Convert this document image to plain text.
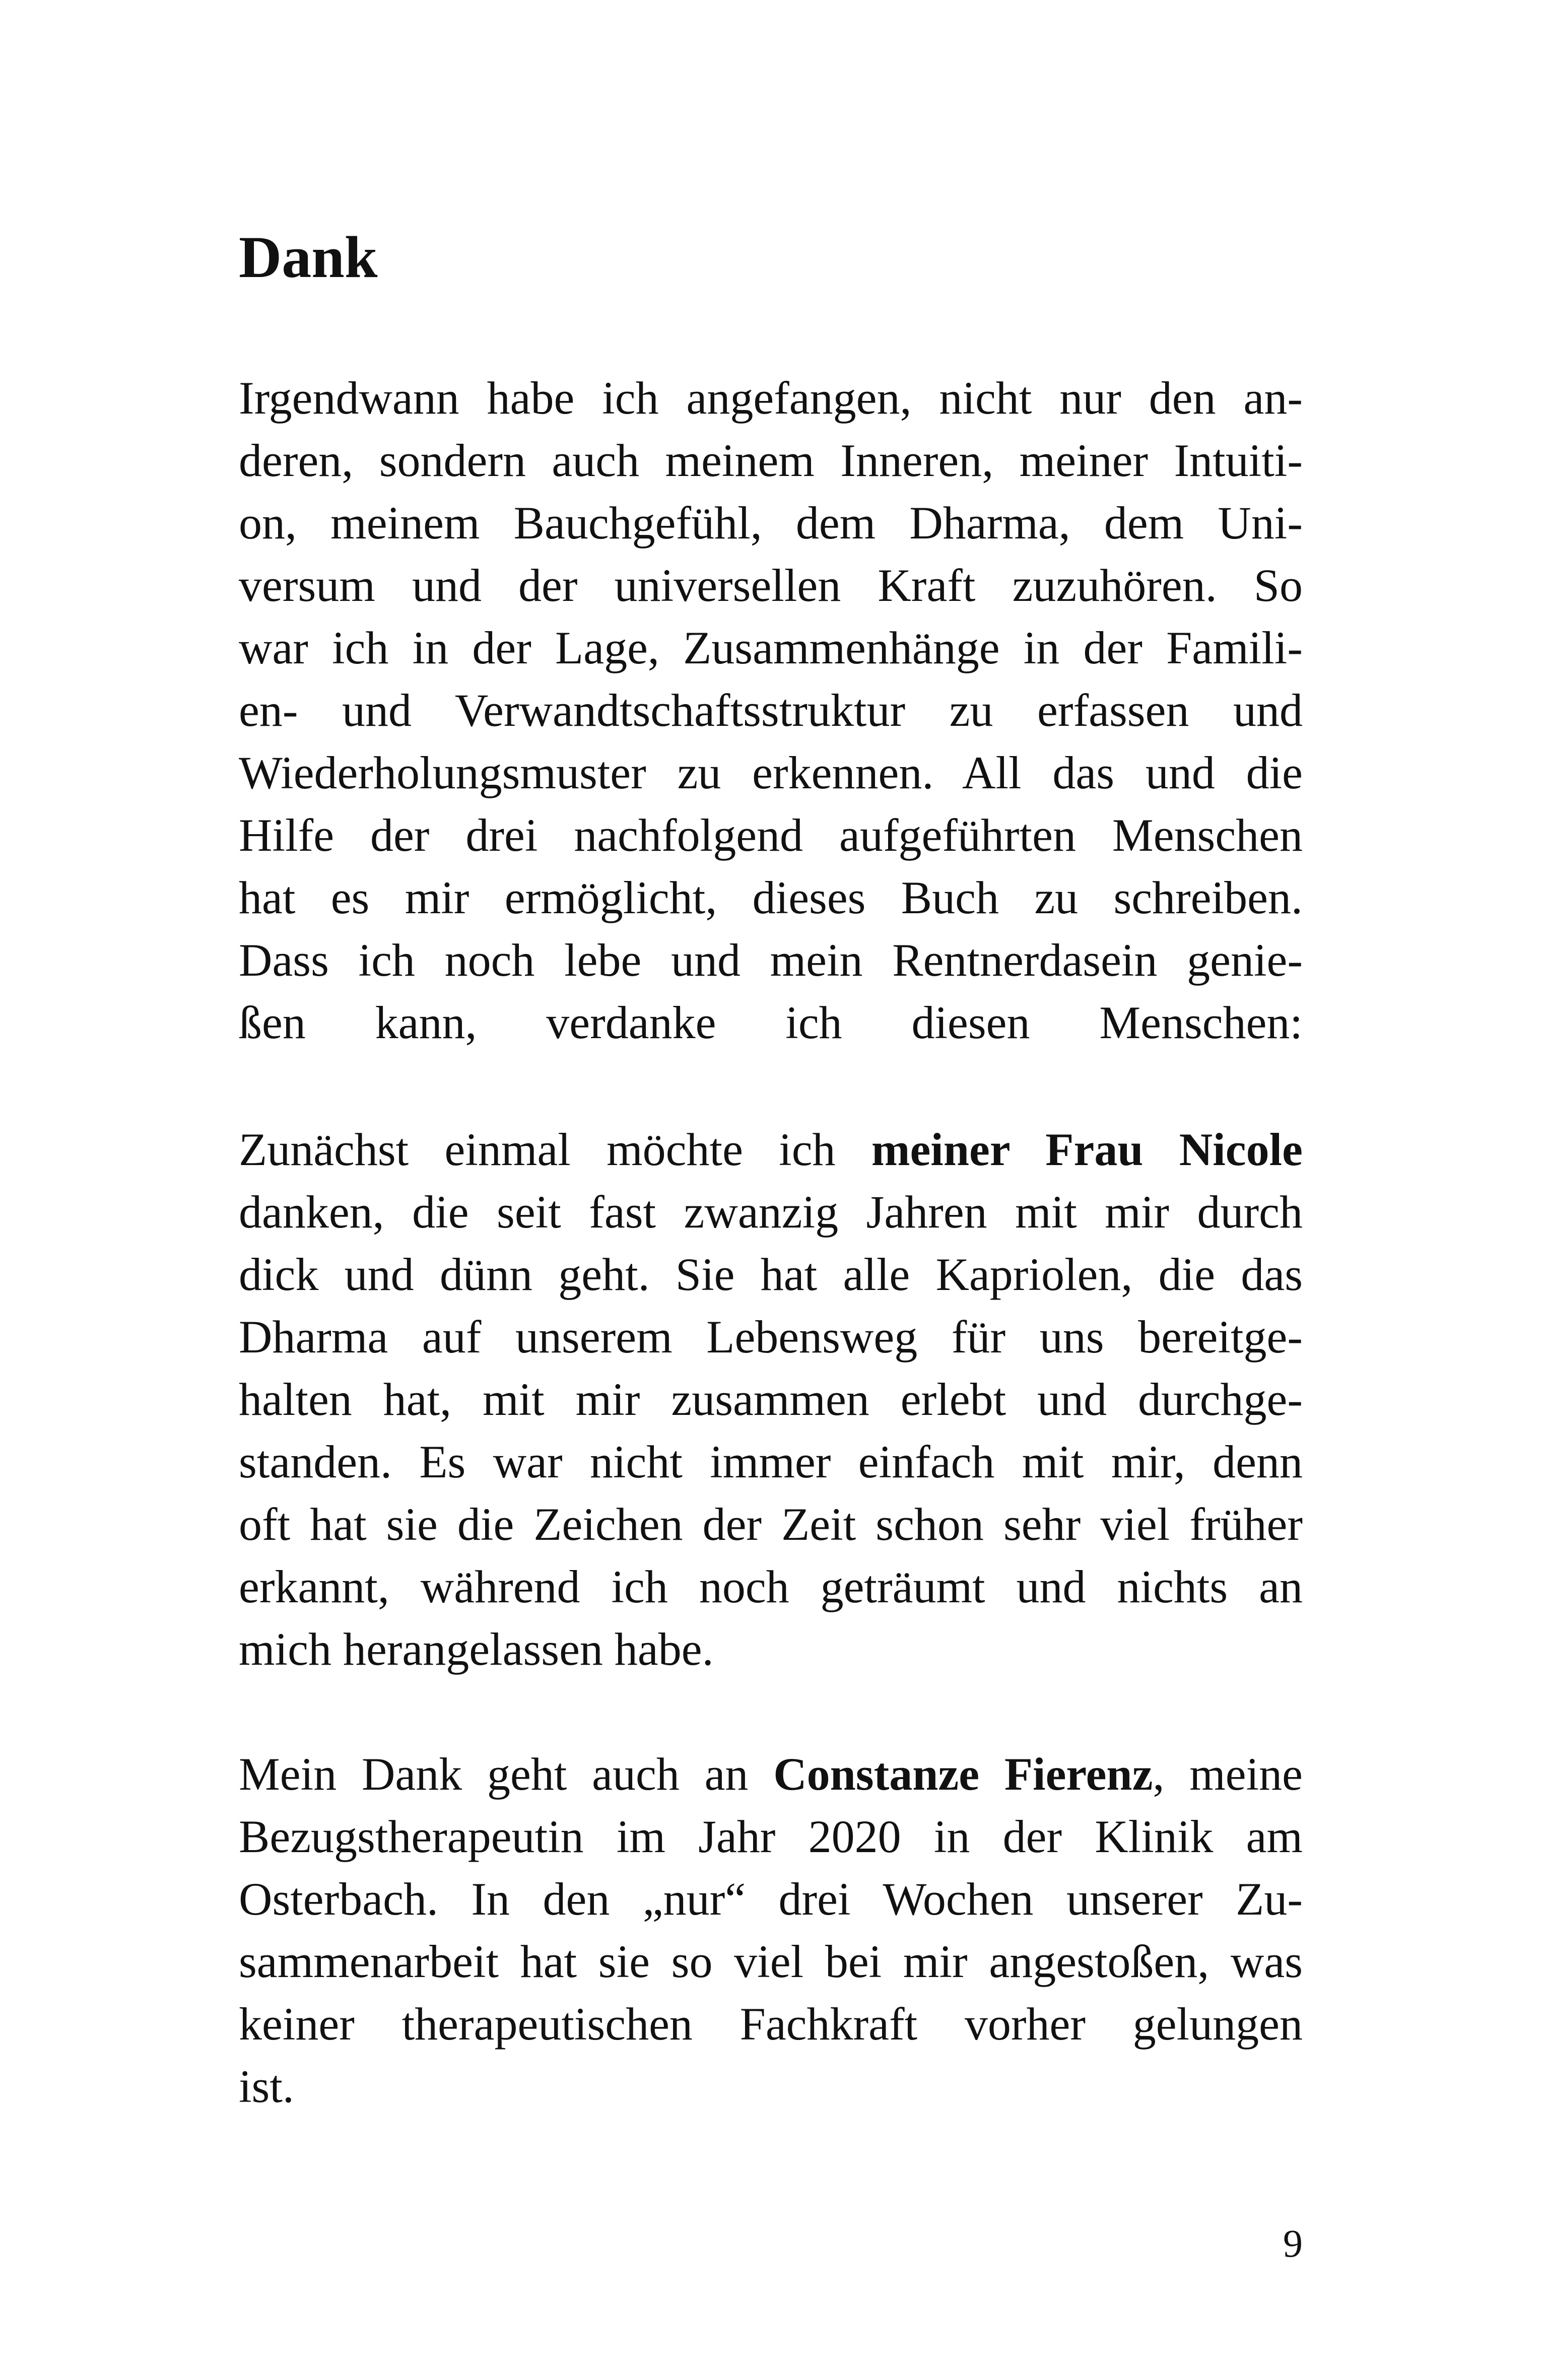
Dank
Irgendwann habe ich angefangen, nicht nur den an-
deren, sondern auch meinem Inneren, meiner Intuiti-
on, meinem Bauchgefühl, dem Dharma, dem Uni-
versum und der universellen Kraft zuzuhören. So
war ich in der Lage, Zusammenhänge in der Famili-
en- und Verwandtschaftsstruktur zu erfassen und
Wiederholungsmuster zu erkennen. All das und die
Hilfe der drei nachfolgend aufgeführten Menschen
hat es mir ermöglicht, dieses Buch zu schreiben.
Dass ich noch lebe und mein Rentnerdasein genie-
ßen kann, verdanke ich diesen Menschen:
Zunächst einmal möchte ich meiner Frau Nicole
danken, die seit fast zwanzig Jahren mit mir durch
dick und dünn geht. Sie hat alle Kapriolen, die das
Dharma auf unserem Lebensweg für uns bereitge-
halten hat, mit mir zusammen erlebt und durchge-
standen. Es war nicht immer einfach mit mir, denn
oft hat sie die Zeichen der Zeit schon sehr viel früher
erkannt, während ich noch geträumt und nichts an
mich herangelassen habe.
Mein Dank geht auch an Constanze Fierenz, meine
Bezugstherapeutin im Jahr 2020 in der Klinik am
Osterbach. In den „nur“ drei Wochen unserer Zu-
sammenarbeit hat sie so viel bei mir angestoßen, was
keiner therapeutischen Fachkraft vorher gelungen
ist.

9
